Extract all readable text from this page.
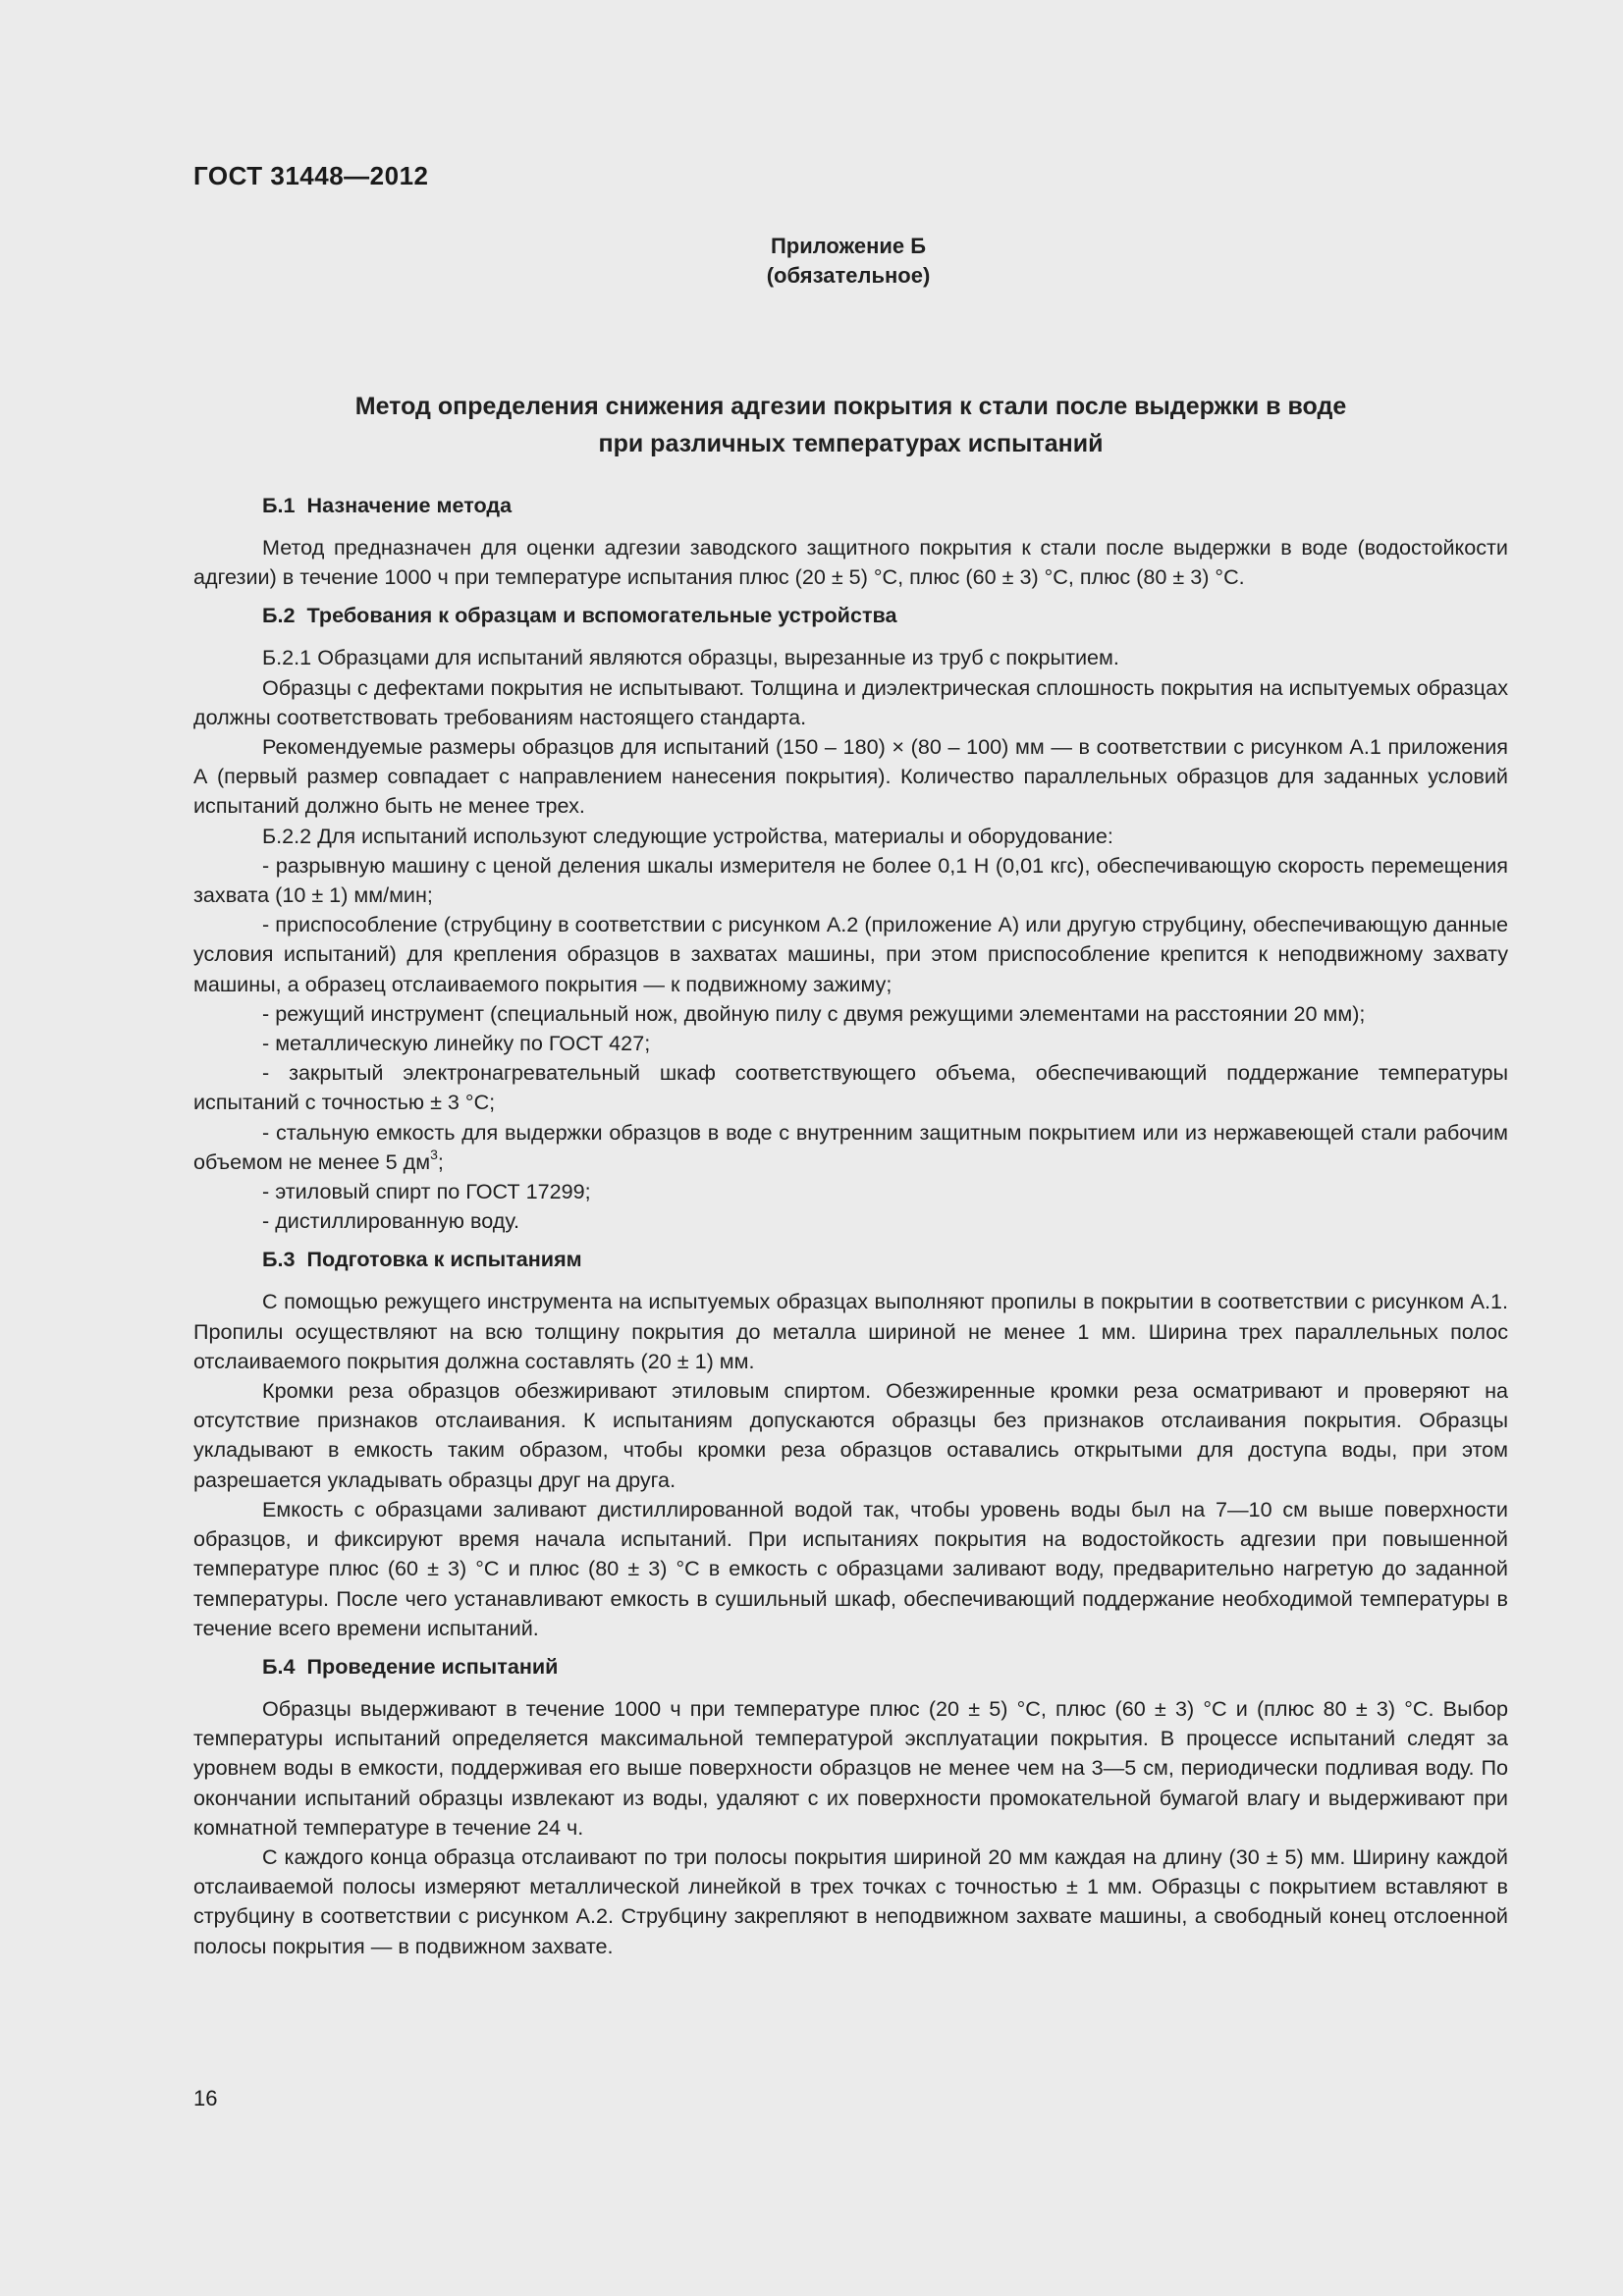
ГОСТ 31448—2012
Приложение Б
(обязательное)
Метод определения снижения адгезии покрытия к стали после выдержки в воде
при различных температурах испытаний
Б.1 Назначение метода

Метод предназначен для оценки адгезии заводского защитного покрытия к стали после выдержки в воде (водостойкости адгезии) в течение 1000 ч при температуре испытания плюс (20 ± 5) °С, плюс (60 ± 3) °С, плюс (80 ± 3) °С.

Б.2 Требования к образцам и вспомогательные устройства

Б.2.1 Образцами для испытаний являются образцы, вырезанные из труб с покрытием.

Образцы с дефектами покрытия не испытывают. Толщина и диэлектрическая сплошность покрытия на испытуемых образцах должны соответствовать требованиям настоящего стандарта.

Рекомендуемые размеры образцов для испытаний (150 – 180) × (80 – 100) мм — в соответствии с рисунком А.1 приложения А (первый размер совпадает с направлением нанесения покрытия). Количество параллельных образцов для заданных условий испытаний должно быть не менее трех.

Б.2.2 Для испытаний используют следующие устройства, материалы и оборудование:

- разрывную машину с ценой деления шкалы измерителя не более 0,1 Н (0,01 кгс), обеспечивающую скорость перемещения захвата (10 ± 1) мм/мин;

- приспособление (струбцину в соответствии с рисунком А.2 (приложение А) или другую струбцину, обеспечивающую данные условия испытаний) для крепления образцов в захватах машины, при этом приспособление крепится к неподвижному захвату машины, а образец отслаиваемого покрытия — к подвижному зажиму;

- режущий инструмент (специальный нож, двойную пилу с двумя режущими элементами на расстоянии 20 мм);

- металлическую линейку по ГОСТ 427;

- закрытый электронагревательный шкаф соответствующего объема, обеспечивающий поддержание температуры испытаний с точностью ± 3 °С;

- стальную емкость для выдержки образцов в воде с внутренним защитным покрытием или из нержавеющей стали рабочим объемом не менее 5 $дм^3$;

- этиловый спирт по ГОСТ 17299;

- дистиллированную воду.

Б.3 Подготовка к испытаниям

С помощью режущего инструмента на испытуемых образцах выполняют пропилы в покрытии в соответствии с рисунком А.1. Пропилы осуществляют на всю толщину покрытия до металла шириной не менее 1 мм. Ширина трех параллельных полос отслаиваемого покрытия должна составлять (20 ± 1) мм.

Кромки реза образцов обезжиривают этиловым спиртом. Обезжиренные кромки реза осматривают и проверяют на отсутствие признаков отслаивания. К испытаниям допускаются образцы без признаков отслаивания покрытия. Образцы укладывают в емкость таким образом, чтобы кромки реза образцов оставались открытыми для доступа воды, при этом разрешается укладывать образцы друг на друга.

Емкость с образцами заливают дистиллированной водой так, чтобы уровень воды был на 7—10 см выше поверхности образцов, и фиксируют время начала испытаний. При испытаниях покрытия на водостойкость адгезии при повышенной температуре плюс (60 ± 3) °С и плюс (80 ± 3) °С в емкость с образцами заливают воду, предварительно нагретую до заданной температуры. После чего устанавливают емкость в сушильный шкаф, обеспечивающий поддержание необходимой температуры в течение всего времени испытаний.

Б.4 Проведение испытаний

Образцы выдерживают в течение 1000 ч при температуре плюс (20 ± 5) °С, плюс (60 ± 3) °С и (плюс 80 ± 3) °С. Выбор температуры испытаний определяется максимальной температурой эксплуатации покрытия. В процессе испытаний следят за уровнем воды в емкости, поддерживая его выше поверхности образцов не менее чем на 3—5 см, периодически подливая воду. По окончании испытаний образцы извлекают из воды, удаляют с их поверхности промокательной бумагой влагу и выдерживают при комнатной температуре в течение 24 ч.

С каждого конца образца отслаивают по три полосы покрытия шириной 20 мм каждая на длину (30 ± 5) мм. Ширину каждой отслаиваемой полосы измеряют металлической линейкой в трех точках с точностью ± 1 мм. Образцы с покрытием вставляют в струбцину в соответствии с рисунком А.2. Струбцину закрепляют в неподвижном захвате машины, а свободный конец отслоенной полосы покрытия — в подвижном захвате.

16
